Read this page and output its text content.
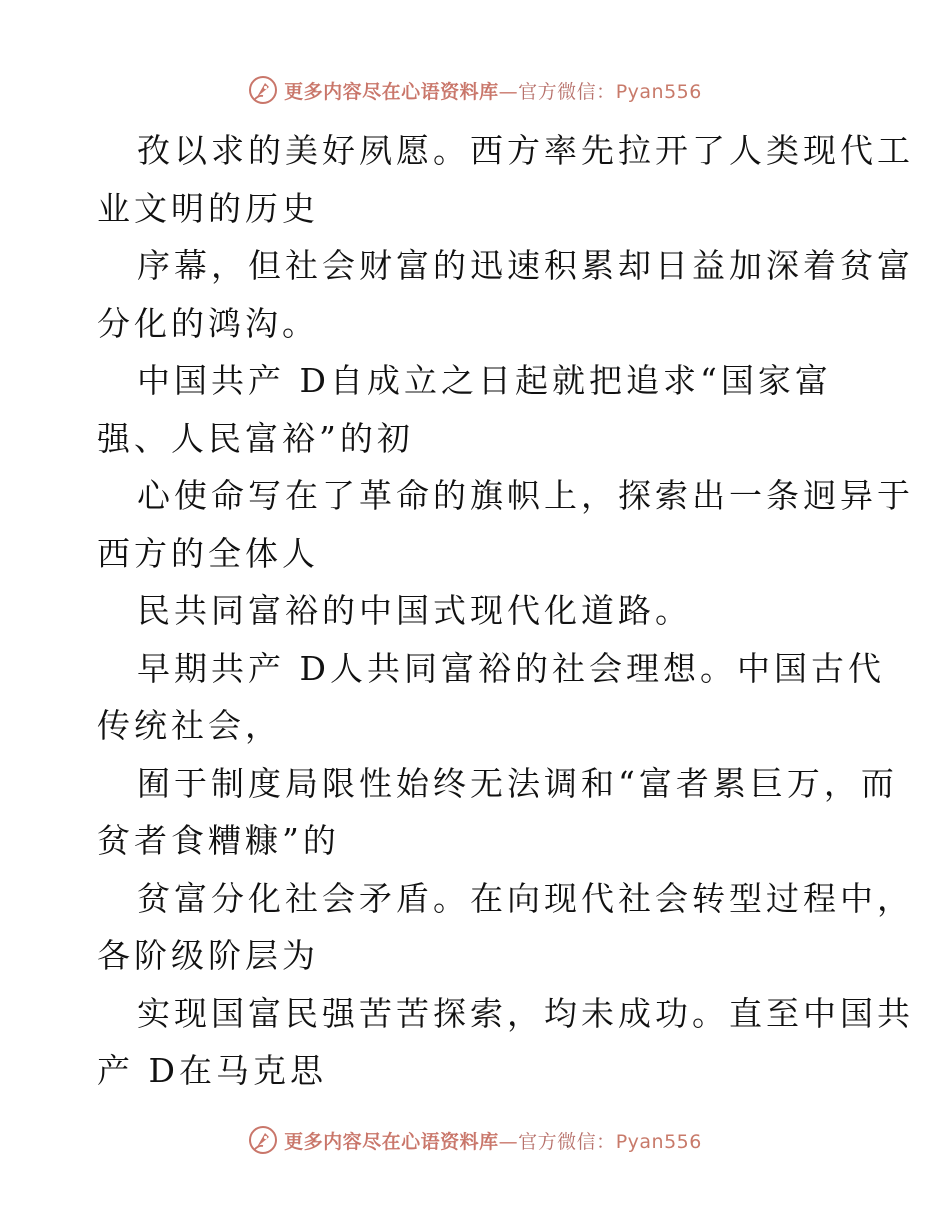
更多内容尽在心语资料库—官方微信：Pyan556
孜以求的美好夙愿。西方率先拉开了人类现代工
业文明的历史
序幕，但社会财富的迅速积累却日益加深着贫富
分化的鸿沟。
中国共产 D自成立之日起就把追求“国家富
强、人民富裕”的初
心使命写在了革命的旗帜上，探索出一条迥异于
西方的全体人
民共同富裕的中国式现代化道路。
早期共产 D人共同富裕的社会理想。中国古代
传统社会，
囿于制度局限性始终无法调和“富者累巨万，而
贫者食糟糠”的
贫富分化社会矛盾。在向现代社会转型过程中，
各阶级阶层为
实现国富民强苦苦探索，均未成功。直至中国共
产 D在马克思
更多内容尽在心语资料库—官方微信：Pyan556
